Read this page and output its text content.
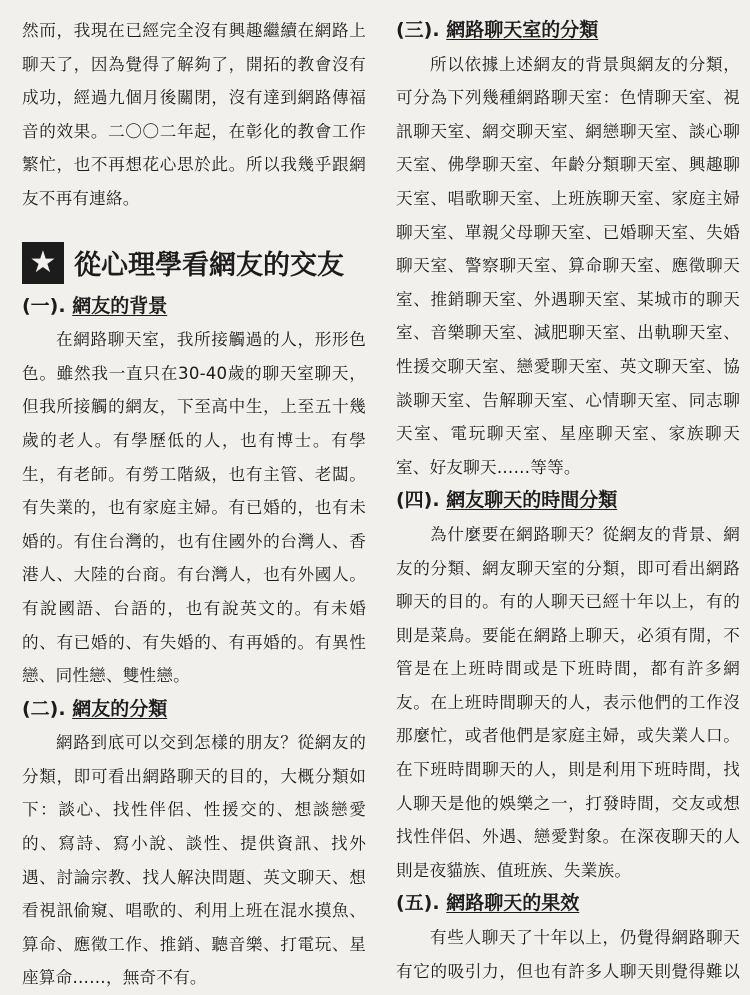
然而，我現在已經完全沒有興趣繼續在網路上
聊天了，因為覺得了解夠了，開拓的教會沒有
成功，經過九個月後關閉，沒有達到網路傳福
音的效果。二〇〇二年起，在彰化的教會工作
繁忙，也不再想花心思於此。所以我幾乎跟網
友不再有連絡。
★ 從心理學看網友的交友
(一). 網友的背景
在網路聊天室，我所接觸過的人，形形色
色。雖然我一直只在30-40歲的聊天室聊天，
但我所接觸的網友，下至高中生，上至五十幾
歲的老人。有學歷低的人，也有博士。有學
生，有老師。有勞工階級，也有主管、老闆。
有失業的，也有家庭主婦。有已婚的，也有未
婚的。有住台灣的，也有住國外的台灣人、香
港人、大陸的台商。有台灣人，也有外國人。
有說國語、台語的，也有說英文的。有未婚
的、有已婚的、有失婚的、有再婚的。有異性
戀、同性戀、雙性戀。
(二). 網友的分類
網路到底可以交到怎樣的朋友？從網友的
分類，即可看出網路聊天的目的，大概分類如
下：談心、找性伴侶、性援交的、想談戀愛
的、寫詩、寫小說、談性、提供資訊、找外
遇、討論宗教、找人解決問題、英文聊天、想
看視訊偷窺、唱歌的、利用上班在混水摸魚、
算命、應徵工作、推銷、聽音樂、打電玩、星
座算命……，無奇不有。
(三). 網路聊天室的分類
所以依據上述網友的背景與網友的分類，
可分為下列幾種網路聊天室：色情聊天室、視
訊聊天室、網交聊天室、網戀聊天室、談心聊
天室、佛學聊天室、年齡分類聊天室、興趣聊
天室、唱歌聊天室、上班族聊天室、家庭主婦
聊天室、單親父母聊天室、已婚聊天室、失婚
聊天室、警察聊天室、算命聊天室、應徵聊天
室、推銷聊天室、外遇聊天室、某城市的聊天
室、音樂聊天室、減肥聊天室、出軌聊天室、
性援交聊天室、戀愛聊天室、英文聊天室、協
談聊天室、告解聊天室、心情聊天室、同志聊
天室、電玩聊天室、星座聊天室、家族聊天
室、好友聊天……等等。
(四). 網友聊天的時間分類
為什麼要在網路聊天？從網友的背景、網
友的分類、網友聊天室的分類，即可看出網路
聊天的目的。有的人聊天已經十年以上，有的
則是菜鳥。要能在網路上聊天，必須有閒，不
管是在上班時間或是下班時間，都有許多網
友。在上班時間聊天的人，表示他們的工作沒
那麼忙，或者他們是家庭主婦，或失業人口。
在下班時間聊天的人，則是利用下班時間，找
人聊天是他的娛樂之一，打發時間，交友或想
找性伴侶、外遇、戀愛對象。在深夜聊天的人
則是夜貓族、值班族、失業族。
(五). 網路聊天的果效
有些人聊天了十年以上，仍覺得網路聊天
有它的吸引力，但也有許多人聊天則覺得難以
